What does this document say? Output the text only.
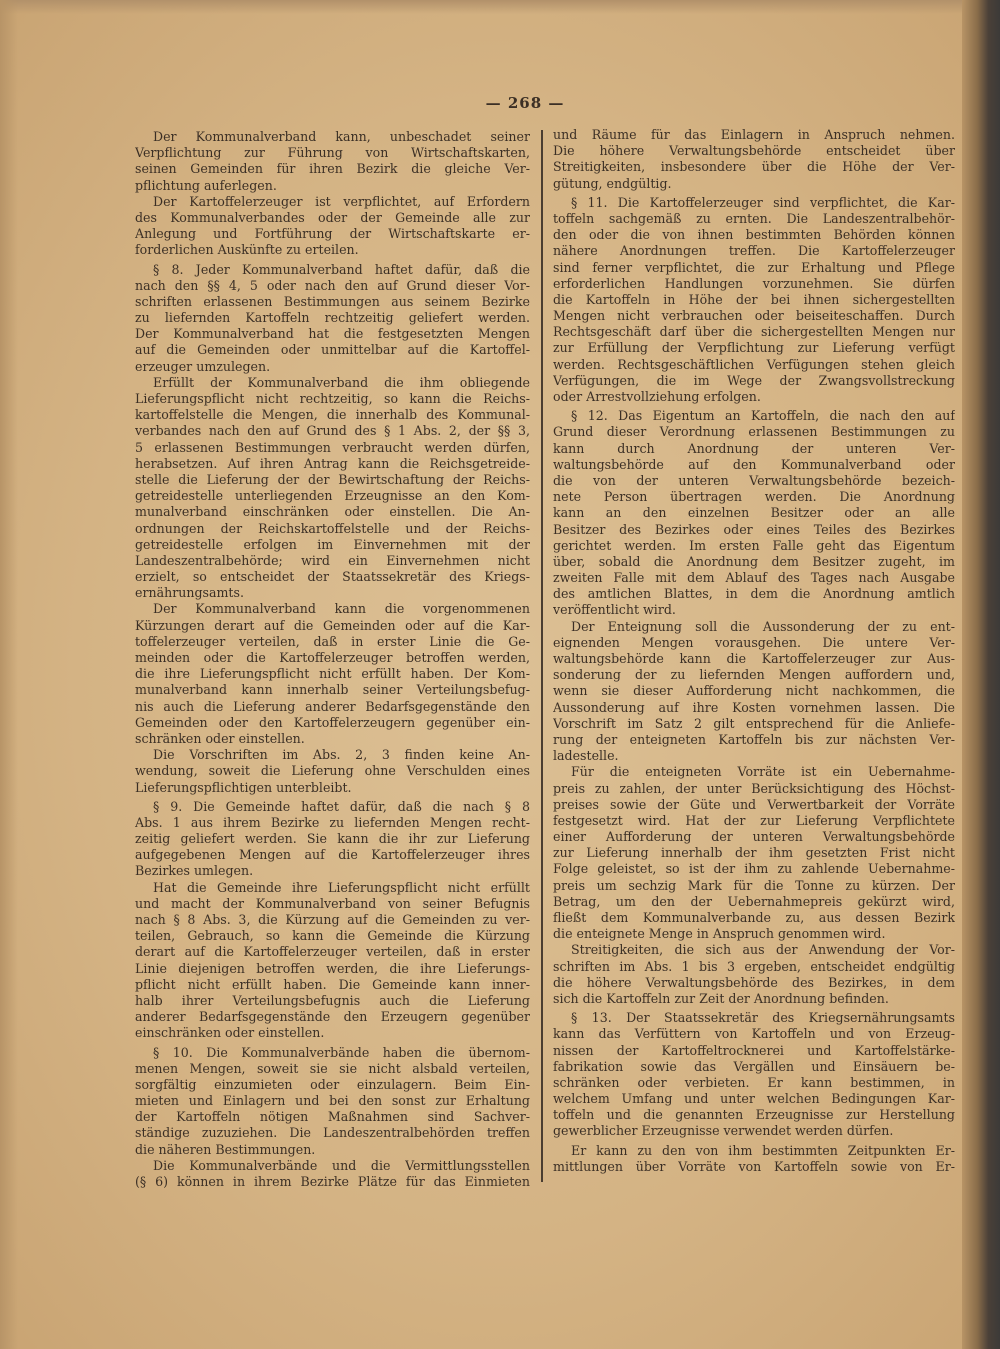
— 268 —
Der Kommunalverband kann, unbeschadet seiner
Verpflichtung zur Führung von Wirtschaftskarten,
seinen Gemeinden für ihren Bezirk die gleiche Ver-
pflichtung auferlegen.
Der Kartoffelerzeuger ist verpflichtet, auf Erfordern
des Kommunalverbandes oder der Gemeinde alle zur
Anlegung und Fortführung der Wirtschaftskarte er-
forderlichen Auskünfte zu erteilen.
§ 8. Jeder Kommunalverband haftet dafür, daß die
nach den §§ 4, 5 oder nach den auf Grund dieser Vor-
schriften erlassenen Bestimmungen aus seinem Bezirke
zu liefernden Kartoffeln rechtzeitig geliefert werden.
Der Kommunalverband hat die festgesetzten Mengen
auf die Gemeinden oder unmittelbar auf die Kartoffel-
erzeuger umzulegen.
Erfüllt der Kommunalverband die ihm obliegende
Lieferungspflicht nicht rechtzeitig, so kann die Reichs-
kartoffelstelle die Mengen, die innerhalb des Kommunal-
verbandes nach den auf Grund des § 1 Abs. 2, der §§ 3,
5 erlassenen Bestimmungen verbraucht werden dürfen,
herabsetzen. Auf ihren Antrag kann die Reichsgetreide-
stelle die Lieferung der der Bewirtschaftung der Reichs-
getreidestelle unterliegenden Erzeugnisse an den Kom-
munalverband einschränken oder einstellen. Die An-
ordnungen der Reichskartoffelstelle und der Reichs-
getreidestelle erfolgen im Einvernehmen mit der
Landeszentralbehörde; wird ein Einvernehmen nicht
erzielt, so entscheidet der Staatssekretär des Kriegs-
ernährungsamts.
Der Kommunalverband kann die vorgenommenen
Kürzungen derart auf die Gemeinden oder auf die Kar-
toffelerzeuger verteilen, daß in erster Linie die Ge-
meinden oder die Kartoffelerzeuger betroffen werden,
die ihre Lieferungspflicht nicht erfüllt haben. Der Kom-
munalverband kann innerhalb seiner Verteilungsbefug-
nis auch die Lieferung anderer Bedarfsgegenstände den
Gemeinden oder den Kartoffelerzeugern gegenüber ein-
schränken oder einstellen.
Die Vorschriften im Abs. 2, 3 finden keine An-
wendung, soweit die Lieferung ohne Verschulden eines
Lieferungspflichtigen unterbleibt.
§ 9. Die Gemeinde haftet dafür, daß die nach § 8
Abs. 1 aus ihrem Bezirke zu liefernden Mengen recht-
zeitig geliefert werden. Sie kann die ihr zur Lieferung
aufgegebenen Mengen auf die Kartoffelerzeuger ihres
Bezirkes umlegen.
Hat die Gemeinde ihre Lieferungspflicht nicht erfüllt
und macht der Kommunalverband von seiner Befugnis
nach § 8 Abs. 3, die Kürzung auf die Gemeinden zu ver-
teilen, Gebrauch, so kann die Gemeinde die Kürzung
derart auf die Kartoffelerzeuger verteilen, daß in erster
Linie diejenigen betroffen werden, die ihre Lieferungs-
pflicht nicht erfüllt haben. Die Gemeinde kann inner-
halb ihrer Verteilungsbefugnis auch die Lieferung
anderer Bedarfsgegenstände den Erzeugern gegenüber
einschränken oder einstellen.
§ 10. Die Kommunalverbände haben die übernom-
menen Mengen, soweit sie sie nicht alsbald verteilen,
sorgfältig einzumieten oder einzulagern. Beim Ein-
mieten und Einlagern und bei den sonst zur Erhaltung
der Kartoffeln nötigen Maßnahmen sind Sachver-
ständige zuzuziehen. Die Landeszentralbehörden treffen
die näheren Bestimmungen.
Die Kommunalverbände und die Vermittlungsstellen
(§ 6) können in ihrem Bezirke Plätze für das Einmieten
und Räume für das Einlagern in Anspruch nehmen.
Die höhere Verwaltungsbehörde entscheidet über
Streitigkeiten, insbesondere über die Höhe der Ver-
gütung, endgültig.
§ 11. Die Kartoffelerzeuger sind verpflichtet, die Kar-
toffeln sachgemäß zu ernten. Die Landeszentralbehör-
den oder die von ihnen bestimmten Behörden können
nähere Anordnungen treffen. Die Kartoffelerzeuger
sind ferner verpflichtet, die zur Erhaltung und Pflege
erforderlichen Handlungen vorzunehmen. Sie dürfen
die Kartoffeln in Höhe der bei ihnen sichergestellten
Mengen nicht verbrauchen oder beiseiteschaffen. Durch
Rechtsgeschäft darf über die sichergestellten Mengen nur
zur Erfüllung der Verpflichtung zur Lieferung verfügt
werden. Rechtsgeschäftlichen Verfügungen stehen gleich
Verfügungen, die im Wege der Zwangsvollstreckung
oder Arrestvollziehung erfolgen.
§ 12. Das Eigentum an Kartoffeln, die nach den auf
Grund dieser Verordnung erlassenen Bestimmungen zu
kann durch Anordnung der unteren Ver-
waltungsbehörde auf den Kommunalverband oder
die von der unteren Verwaltungsbehörde bezeich-
nete Person übertragen werden. Die Anordnung
kann an den einzelnen Besitzer oder an alle
Besitzer des Bezirkes oder eines Teiles des Bezirkes
gerichtet werden. Im ersten Falle geht das Eigentum
über, sobald die Anordnung dem Besitzer zugeht, im
zweiten Falle mit dem Ablauf des Tages nach Ausgabe
des amtlichen Blattes, in dem die Anordnung amtlich
veröffentlicht wird.
Der Enteignung soll die Aussonderung der zu ent-
eignenden Mengen vorausgehen. Die untere Ver-
waltungsbehörde kann die Kartoffelerzeuger zur Aus-
sonderung der zu liefernden Mengen auffordern und,
wenn sie dieser Aufforderung nicht nachkommen, die
Aussonderung auf ihre Kosten vornehmen lassen. Die
Vorschrift im Satz 2 gilt entsprechend für die Anliefe-
rung der enteigneten Kartoffeln bis zur nächsten Ver-
ladestelle.
Für die enteigneten Vorräte ist ein Uebernahme-
preis zu zahlen, der unter Berücksichtigung des Höchst-
preises sowie der Güte und Verwertbarkeit der Vorräte
festgesetzt wird. Hat der zur Lieferung Verpflichtete
einer Aufforderung der unteren Verwaltungsbehörde
zur Lieferung innerhalb der ihm gesetzten Frist nicht
Folge geleistet, so ist der ihm zu zahlende Uebernahme-
preis um sechzig Mark für die Tonne zu kürzen. Der
Betrag, um den der Uebernahmepreis gekürzt wird,
fließt dem Kommunalverbande zu, aus dessen Bezirk
die enteignete Menge in Anspruch genommen wird.
Streitigkeiten, die sich aus der Anwendung der Vor-
schriften im Abs. 1 bis 3 ergeben, entscheidet endgültig
die höhere Verwaltungsbehörde des Bezirkes, in dem
sich die Kartoffeln zur Zeit der Anordnung befinden.
§ 13. Der Staatssekretär des Kriegsernährungsamts
kann das Verfüttern von Kartoffeln und von Erzeug-
nissen der Kartoffeltrocknerei und Kartoffelstärke-
fabrikation sowie das Vergällen und Einsäuern be-
schränken oder verbieten. Er kann bestimmen, in
welchem Umfang und unter welchen Bedingungen Kar-
toffeln und die genannten Erzeugnisse zur Herstellung
gewerblicher Erzeugnisse verwendet werden dürfen.
Er kann zu den von ihm bestimmten Zeitpunkten Er-
mittlungen über Vorräte von Kartoffeln sowie von Er-
